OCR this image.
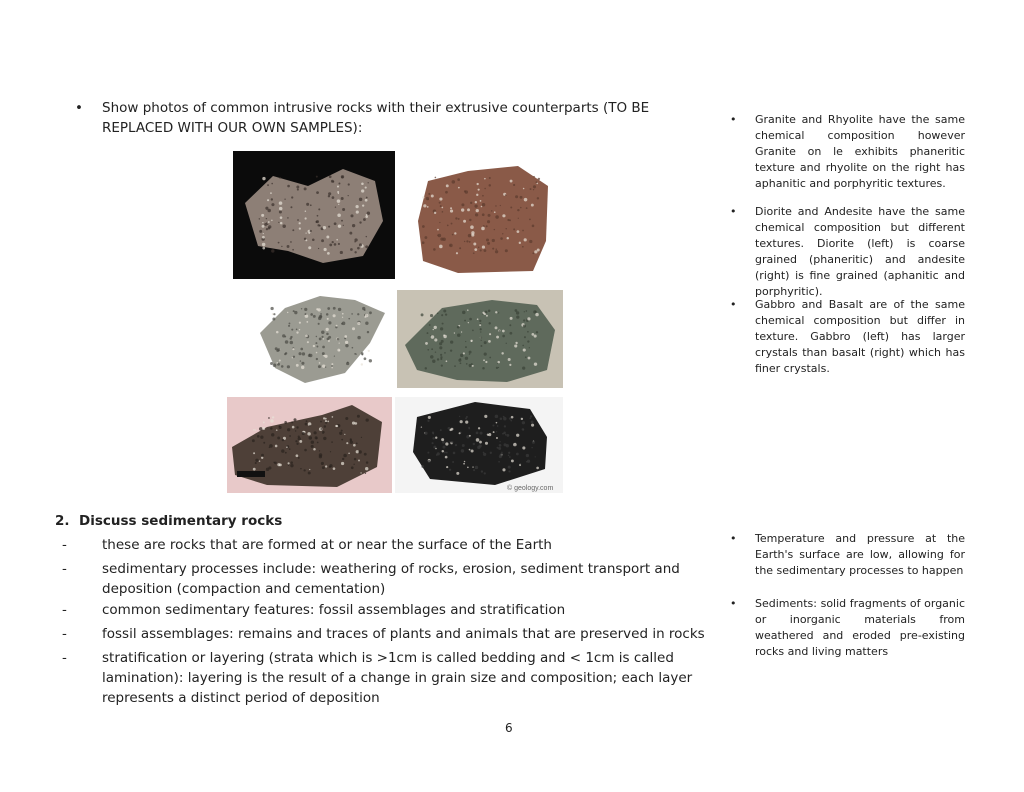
• Show photos of common intrusive rocks with their extrusive counterparts (TO BE REPLACED WITH OUR OWN SAMPLES):
© geology.com
• Granite and Rhyolite have the same chemical composition however Granite on le exhibits phaneritic texture and rhyolite on the right has aphanitic and porphyritic textures.
• Diorite and Andesite have the same chemical composition but different textures. Diorite (left) is coarse grained (phaneritic) and andesite (right) is fine grained (aphanitic and porphyritic).
• Gabbro and Basalt are of the same chemical composition but differ in texture. Gabbro (left) has larger crystals than basalt (right) which has finer crystals.
• Temperature and pressure at the Earth's surface are low, allowing for the sedimentary processes to happen
• Sediments: solid fragments of organic or inorganic materials from weathered and eroded pre-existing rocks and living matters
2. Discuss sedimentary rocks
-	these are rocks that are formed at or near the surface of the Earth
-	sedimentary processes include: weathering of rocks, erosion, sediment transport and deposition (compaction and cementation)
-	common sedimentary features: fossil assemblages and stratification
-	fossil assemblages: remains and traces of plants and animals that are preserved in rocks
-	stratification or layering (strata which is >1cm is called bedding and < 1cm is called lamination): layering is the result of a change in grain size and composition; each layer represents a distinct period of deposition
6
